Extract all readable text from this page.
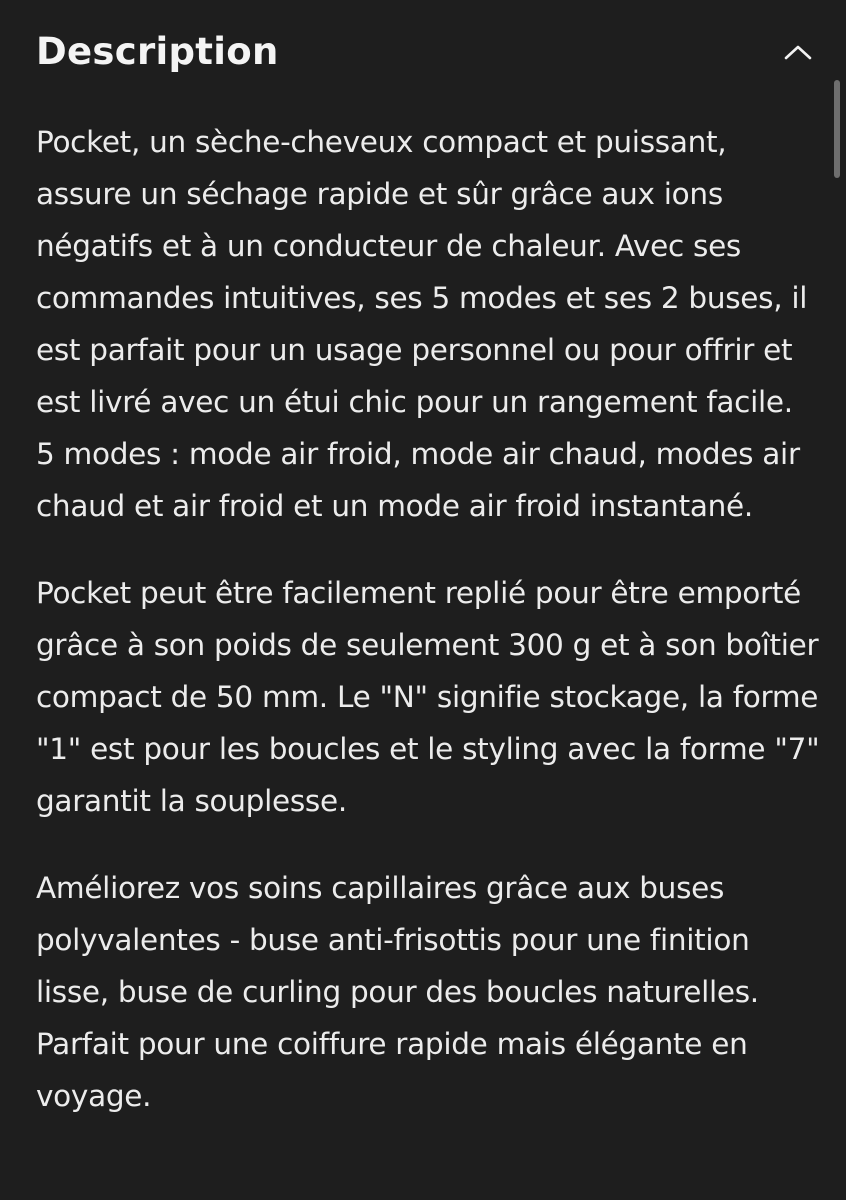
Description

Pocket, un sèche-cheveux compact et puissant, assure un séchage rapide et sûr grâce aux ions négatifs et à un conducteur de chaleur. Avec ses commandes intuitives, ses 5 modes et ses 2 buses, il est parfait pour un usage personnel ou pour offrir et est livré avec un étui chic pour un rangement facile. 5 modes : mode air froid, mode air chaud, modes air chaud et air froid et un mode air froid instantané.

Pocket peut être facilement replié pour être emporté grâce à son poids de seulement 300 g et à son boîtier compact de 50 mm. Le "N" signifie stockage, la forme "1" est pour les boucles et le styling avec la forme "7" garantit la souplesse.

Améliorez vos soins capillaires grâce aux buses polyvalentes - buse anti-frisottis pour une finition lisse, buse de curling pour des boucles naturelles. Parfait pour une coiffure rapide mais élégante en voyage.
